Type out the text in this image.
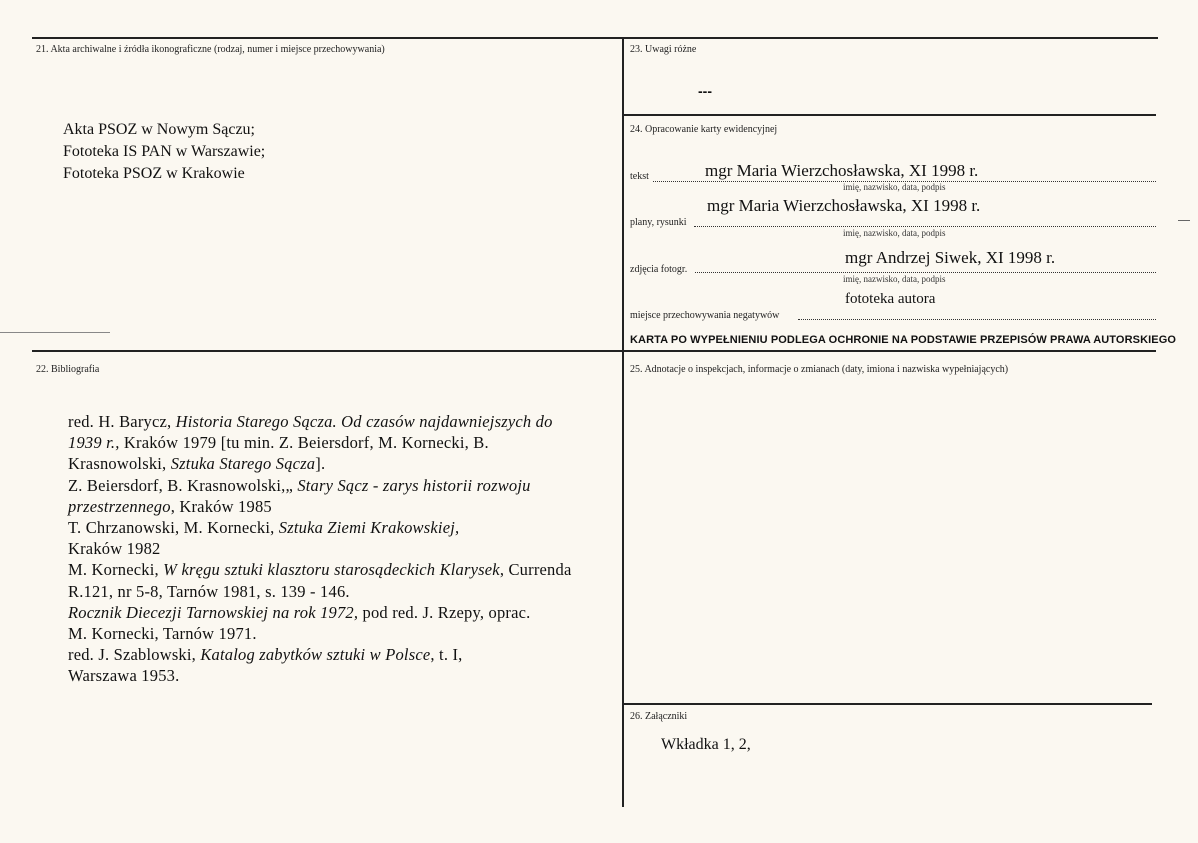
21. Akta archiwalne i źródła ikonograficzne (rodzaj, numer i miejsce przechowywania)
Akta PSOZ w Nowym Sączu;
Fototeka IS PAN w Warszawie;
Fototeka PSOZ w Krakowie
23. Uwagi różne
---
24. Opracowanie karty ewidencyjnej
tekst	mgr Maria Wierzchosławska, XI 1998 r.
imię, nazwisko, data, podpis
mgr Maria Wierzchosławska, XI 1998 r.
plany, rysunki
imię, nazwisko, data, podpis
mgr Andrzej Siwek, XI 1998 r.
zdjęcia fotogr.
imię, nazwisko, data, podpis
fototeka autora
miejsce przechowywania negatywów
KARTA PO WYPEŁNIENIU PODLEGA OCHRONIE NA PODSTAWIE PRZEPISÓW PRAWA AUTORSKIEGO
22. Bibliografia
red. H. Barycz, Historia Starego Sącza. Od czasów najdawniejszych do
1939 r., Kraków 1979 [tu min. Z. Beiersdorf, M. Kornecki, B.
Krasnowolski, Sztuka Starego Sącza].
Z. Beiersdorf, B. Krasnowolski,„ Stary Sącz - zarys historii rozwoju
przestrzennego, Kraków 1985
T. Chrzanowski, M. Kornecki, Sztuka Ziemi Krakowskiej,
Kraków 1982
M. Kornecki, W kręgu sztuki klasztoru starosądeckich Klarysek, Currenda
R.121, nr 5-8, Tarnów 1981, s. 139 - 146.
Rocznik Diecezji Tarnowskiej na rok 1972, pod red. J. Rzepy, oprac.
M. Kornecki, Tarnów 1971.
red. J. Szablowski, Katalog zabytków sztuki w Polsce, t. I,
Warszawa 1953.
25. Adnotacje o inspekcjach, informacje o zmianach (daty, imiona i nazwiska wypełniających)
26. Załączniki
Wkładka 1, 2,
